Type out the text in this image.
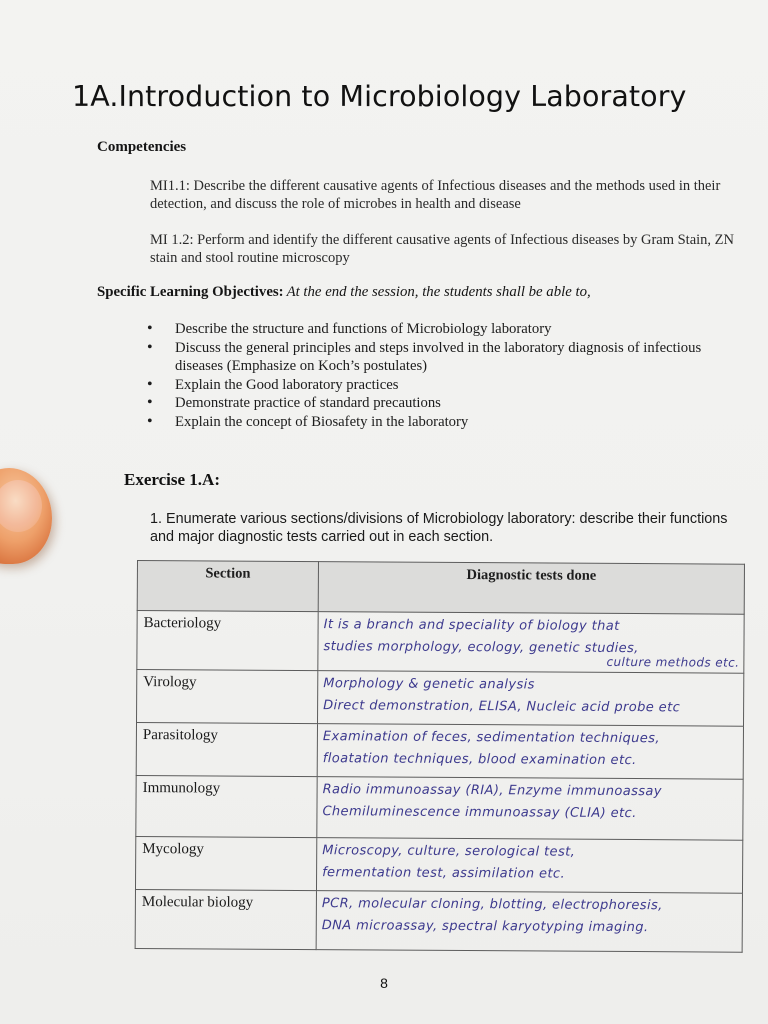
1A.Introduction to Microbiology Laboratory
Competencies
MI1.1: Describe the different causative agents of Infectious diseases and the methods used in their detection, and discuss the role of microbes in health and disease
MI 1.2: Perform and identify the different causative agents of Infectious diseases by Gram Stain, ZN stain and stool routine microscopy
Specific Learning Objectives: At the end the session, the students shall be able to,
• Describe the structure and functions of Microbiology laboratory
• Discuss the general principles and steps involved in the laboratory diagnosis of infectious diseases (Emphasize on Koch’s postulates)
• Explain the Good laboratory practices
• Demonstrate practice of standard precautions
• Explain the concept of Biosafety in the laboratory
Exercise 1.A:
1. Enumerate various sections/divisions of Microbiology laboratory: describe their functions and major diagnostic tests carried out in each section.
Section	Diagnostic tests done
Bacteriology	It is a branch and speciality of biology that
studies morphology, ecology, genetic studies,
culture methods etc.

Virology	Morphology & genetic analysis
Direct demonstration, ELISA, Nucleic acid probe etc
Parasitology	Examination of feces, sedimentation techniques,
floatation techniques, blood examination etc.
Immunology	Radio immunoassay (RIA), Enzyme immunoassay
Chemiluminescence immunoassay (CLIA) etc.
Mycology	Microscopy, culture, serological test,
fermentation test, assimilation etc.
Molecular biology	PCR, molecular cloning, blotting, electrophoresis,
DNA microassay, spectral karyotyping imaging.
8
